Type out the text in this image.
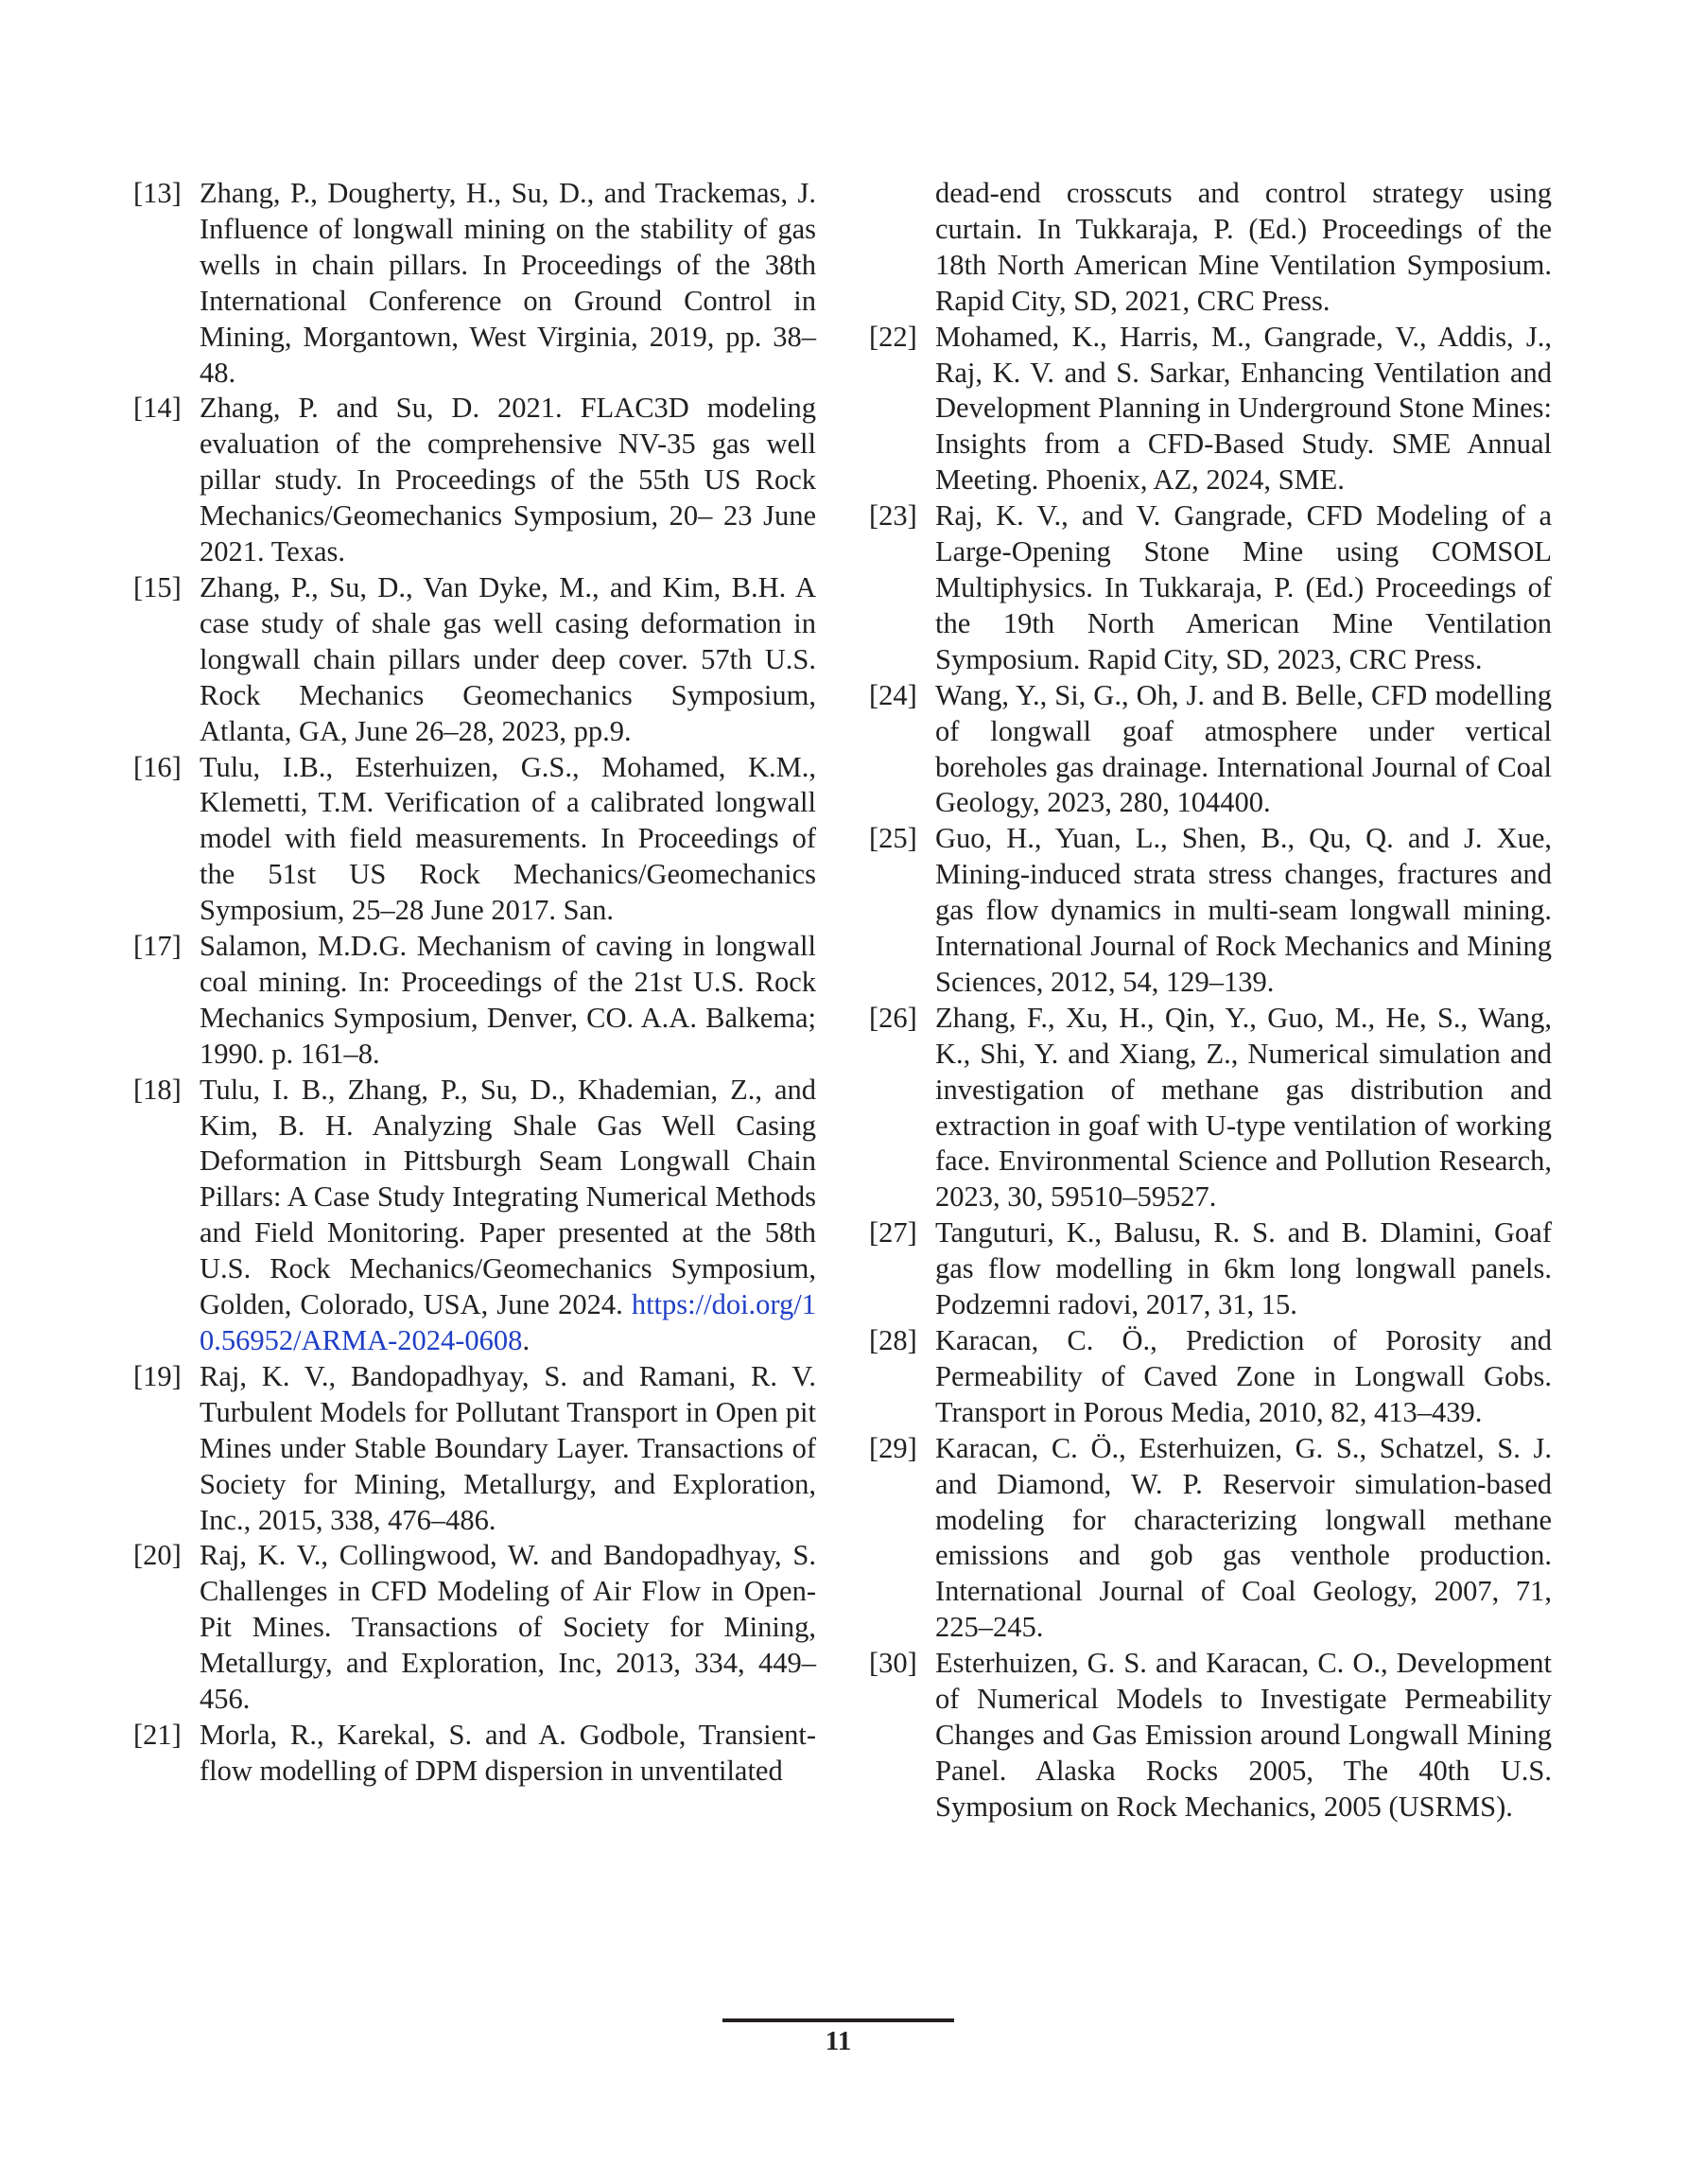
[13] Zhang, P., Dougherty, H., Su, D., and Trackemas, J. Influence of longwall mining on the stability of gas wells in chain pillars. In Proceedings of the 38th International Conference on Ground Control in Mining, Morgantown, West Virginia, 2019, pp. 38–48.
[14] Zhang, P. and Su, D. 2021. FLAC3D modeling evaluation of the comprehensive NV-35 gas well pillar study. In Proceedings of the 55th US Rock Mechanics/Geomechanics Symposium, 20– 23 June 2021. Texas.
[15] Zhang, P., Su, D., Van Dyke, M., and Kim, B.H. A case study of shale gas well casing deformation in longwall chain pillars under deep cover. 57th U.S. Rock Mechanics Geomechanics Symposium, Atlanta, GA, June 26–28, 2023, pp.9.
[16] Tulu, I.B., Esterhuizen, G.S., Mohamed, K.M., Klemetti, T.M. Verification of a calibrated longwall model with field measurements. In Proceedings of the 51st US Rock Mechanics/Geomechanics Symposium, 25–28 June 2017. San.
[17] Salamon, M.D.G. Mechanism of caving in longwall coal mining. In: Proceedings of the 21st U.S. Rock Mechanics Symposium, Denver, CO. A.A. Balkema; 1990. p. 161–8.
[18] Tulu, I. B., Zhang, P., Su, D., Khademian, Z., and Kim, B. H. Analyzing Shale Gas Well Casing Deformation in Pittsburgh Seam Longwall Chain Pillars: A Case Study Integrating Numerical Methods and Field Monitoring. Paper presented at the 58th U.S. Rock Mechanics/Geomechanics Symposium, Golden, Colorado, USA, June 2024. https://doi.org/10.56952/ARMA-2024-0608.
[19] Raj, K. V., Bandopadhyay, S. and Ramani, R. V. Turbulent Models for Pollutant Transport in Open pit Mines under Stable Boundary Layer. Transactions of Society for Mining, Metallurgy, and Exploration, Inc., 2015, 338, 476–486.
[20] Raj, K. V., Collingwood, W. and Bandopadhyay, S. Challenges in CFD Modeling of Air Flow in Open-Pit Mines. Transactions of Society for Mining, Metallurgy, and Exploration, Inc, 2013, 334, 449–456.
[21] Morla, R., Karekal, S. and A. Godbole, Transient-flow modelling of DPM dispersion in unventilated
dead-end crosscuts and control strategy using curtain. In Tukkaraja, P. (Ed.) Proceedings of the 18th North American Mine Ventilation Symposium. Rapid City, SD, 2021, CRC Press.
[22] Mohamed, K., Harris, M., Gangrade, V., Addis, J., Raj, K. V. and S. Sarkar, Enhancing Ventilation and Development Planning in Underground Stone Mines: Insights from a CFD-Based Study. SME Annual Meeting. Phoenix, AZ, 2024, SME.
[23] Raj, K. V., and V. Gangrade, CFD Modeling of a Large-Opening Stone Mine using COMSOL Multiphysics. In Tukkaraja, P. (Ed.) Proceedings of the 19th North American Mine Ventilation Symposium. Rapid City, SD, 2023, CRC Press.
[24] Wang, Y., Si, G., Oh, J. and B. Belle, CFD modelling of longwall goaf atmosphere under vertical boreholes gas drainage. International Journal of Coal Geology, 2023, 280, 104400.
[25] Guo, H., Yuan, L., Shen, B., Qu, Q. and J. Xue, Mining-induced strata stress changes, fractures and gas flow dynamics in multi-seam longwall mining. International Journal of Rock Mechanics and Mining Sciences, 2012, 54, 129–139.
[26] Zhang, F., Xu, H., Qin, Y., Guo, M., He, S., Wang, K., Shi, Y. and Xiang, Z., Numerical simulation and investigation of methane gas distribution and extraction in goaf with U-type ventilation of working face. Environmental Science and Pollution Research, 2023, 30, 59510–59527.
[27] Tanguturi, K., Balusu, R. S. and B. Dlamini, Goaf gas flow modelling in 6km long longwall panels. Podzemni radovi, 2017, 31, 15.
[28] Karacan, C. Ö., Prediction of Porosity and Permeability of Caved Zone in Longwall Gobs. Transport in Porous Media, 2010, 82, 413–439.
[29] Karacan, C. Ö., Esterhuizen, G. S., Schatzel, S. J. and Diamond, W. P. Reservoir simulation-based modeling for characterizing longwall methane emissions and gob gas venthole production. International Journal of Coal Geology, 2007, 71, 225–245.
[30] Esterhuizen, G. S. and Karacan, C. O., Development of Numerical Models to Investigate Permeability Changes and Gas Emission around Longwall Mining Panel. Alaska Rocks 2005, The 40th U.S. Symposium on Rock Mechanics, 2005 (USRMS).
11
